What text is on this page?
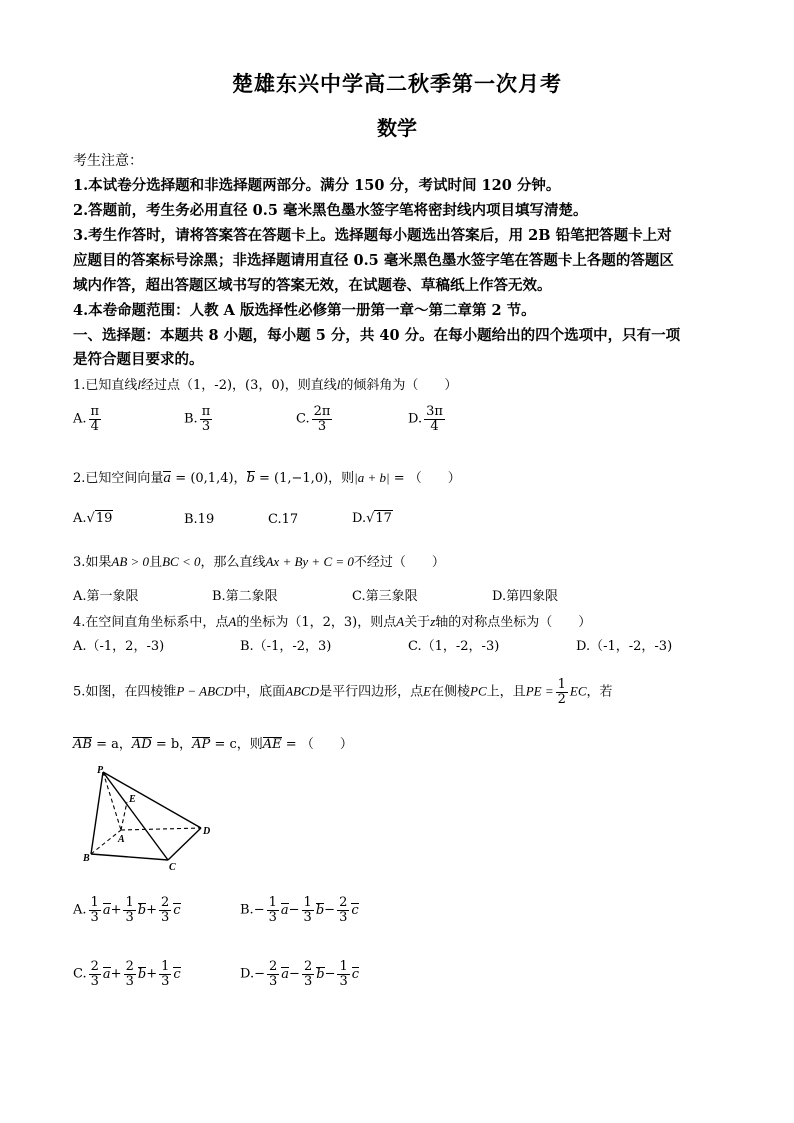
楚雄东兴中学高二秋季第一次月考
数学
考生注意：
1.本试卷分选择题和非选择题两部分。满分 150 分，考试时间 120 分钟。
2.答题前，考生务必用直径 0.5 毫米黑色墨水签字笔将密封线内项目填写清楚。
3.考生作答时，请将答案答在答题卡上。选择题每小题选出答案后，用 2B 铅笔把答题卡上对
应题目的答案标号涂黑；非选择题请用直径 0.5 毫米黑色墨水签字笔在答题卡上各题的答题区
域内作答，超出答题区域书写的答案无效，在试题卷、草稿纸上作答无效。
4.本卷命题范围：人教 A 版选择性必修第一册第一章～第二章第 2 节。
一、选择题：本题共 8 小题，每小题 5 分，共 40 分。在每小题给出的四个选项中，只有一项
是符合题目要求的。
1.已知直线l经过点（1，-2)，(3，0)，则直线l的倾斜角为（　　）
A. $\frac{\pi}{4}$	B. $\frac{\pi}{3}$	C. $\frac{2\pi}{3}$	D. $\frac{3\pi}{4}$
2.已知空间向量a = (0,1,4)，b = (1,−1,0)，则|a + b| = （　　）
A.√19	B.19	C.17	D.√17
3.如果AB > 0且BC < 0，那么直线Ax + By + C = 0不经过（　　）
A.第一象限	B.第二象限	C.第三象限	D.第四象限
4.在空间直角坐标系中，点A的坐标为（1，2，3)，则点A关于z轴的对称点坐标为（　　）
A.（-1，2，-3)	B.（-1，-2，3)	C.（1，-2，-3)	D.（-1，-2，-3)
5.如图，在四棱锥P − ABCD中，底面ABCD是平行四边形，点E在侧棱PC上，且PE = $\frac{1}{2}$ EC，若
AB = a，AD = b，AP = c，则AE = （　　）
P
E
A
B
C
D
A. $\frac{1}{3} a+ \frac{1}{3} b+ \frac{2}{3}$ c	$B.- \frac{1}{3} a- \frac{1}{3} b- \frac{2}{3}$ c
C. $\frac{2}{3} a+ \frac{2}{3} b+ \frac{1}{3}$ c	$D.- \frac{2}{3} a- \frac{2}{3} b- \frac{1}{3}$ c
